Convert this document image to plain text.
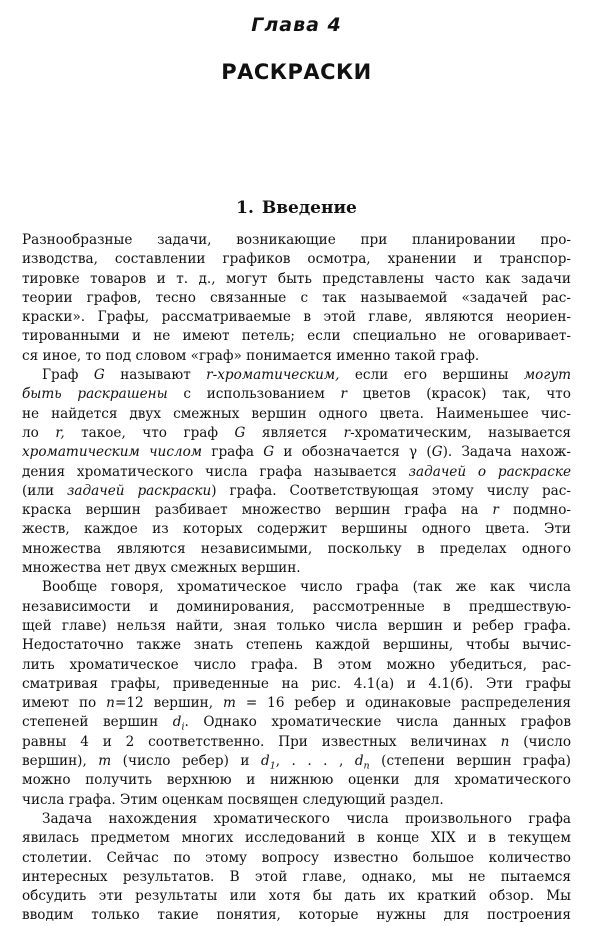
Глава 4
РАСКРАСКИ
1. Введение
Разнообразные задачи, возникающие при планировании про-
изводства, составлении графиков осмотра, хранении и транспор-
тировке товаров и т. д., могут быть представлены часто как задачи
теории графов, тесно связанные с так называемой «задачей рас-
краски». Графы, рассматриваемые в этой главе, являются неориен-
тированными и не имеют петель; если специально не оговаривает-
ся иное, то под словом «граф» понимается именно такой граф.
Граф G называют r-хроматическим, если его вершины могут
быть раскрашены с использованием r цветов (красок) так, что
не найдется двух смежных вершин одного цвета. Наименьшее чис-
ло r, такое, что граф G является r-хроматическим, называется
хроматическим числом графа G и обозначается γ (G). Задача нахож-
дения хроматического числа графа называется задачей о раскраске
(или задачей раскраски) графа. Соответствующая этому числу рас-
краска вершин разбивает множество вершин графа на r подмно-
жеств, каждое из которых содержит вершины одного цвета. Эти
множества являются независимыми, поскольку в пределах одного
множества нет двух смежных вершин.
Вообще говоря, хроматическое число графа (так же как числа
независимости и доминирования, рассмотренные в предшествую-
щей главе) нельзя найти, зная только числа вершин и ребер графа.
Недостаточно также знать степень каждой вершины, чтобы вычис-
лить хроматическое число графа. В этом можно убедиться, рас-
сматривая графы, приведенные на рис. 4.1(а) и 4.1(б). Эти графы
имеют по n=12 вершин, m = 16 ребер и одинаковые распределения
степеней вершин $d_i$. Однако хроматические числа данных графов
равны 4 и 2 соответственно. При известных величинах n (число
вершин), m (число ребер) и $d_1$, . . . , $d_n$ (степени вершин графа)
можно получить верхнюю и нижнюю оценки для хроматического
числа графа. Этим оценкам посвящен следующий раздел.
Задача нахождения хроматического числа произвольного графа
явилась предметом многих исследований в конце XIX и в текущем
столетии. Сейчас по этому вопросу известно большое количество
интересных результатов. В этой главе, однако, мы не пытаемся
обсудить эти результаты или хотя бы дать их краткий обзор. Мы
вводим только такие понятия, которые нужны для построения
